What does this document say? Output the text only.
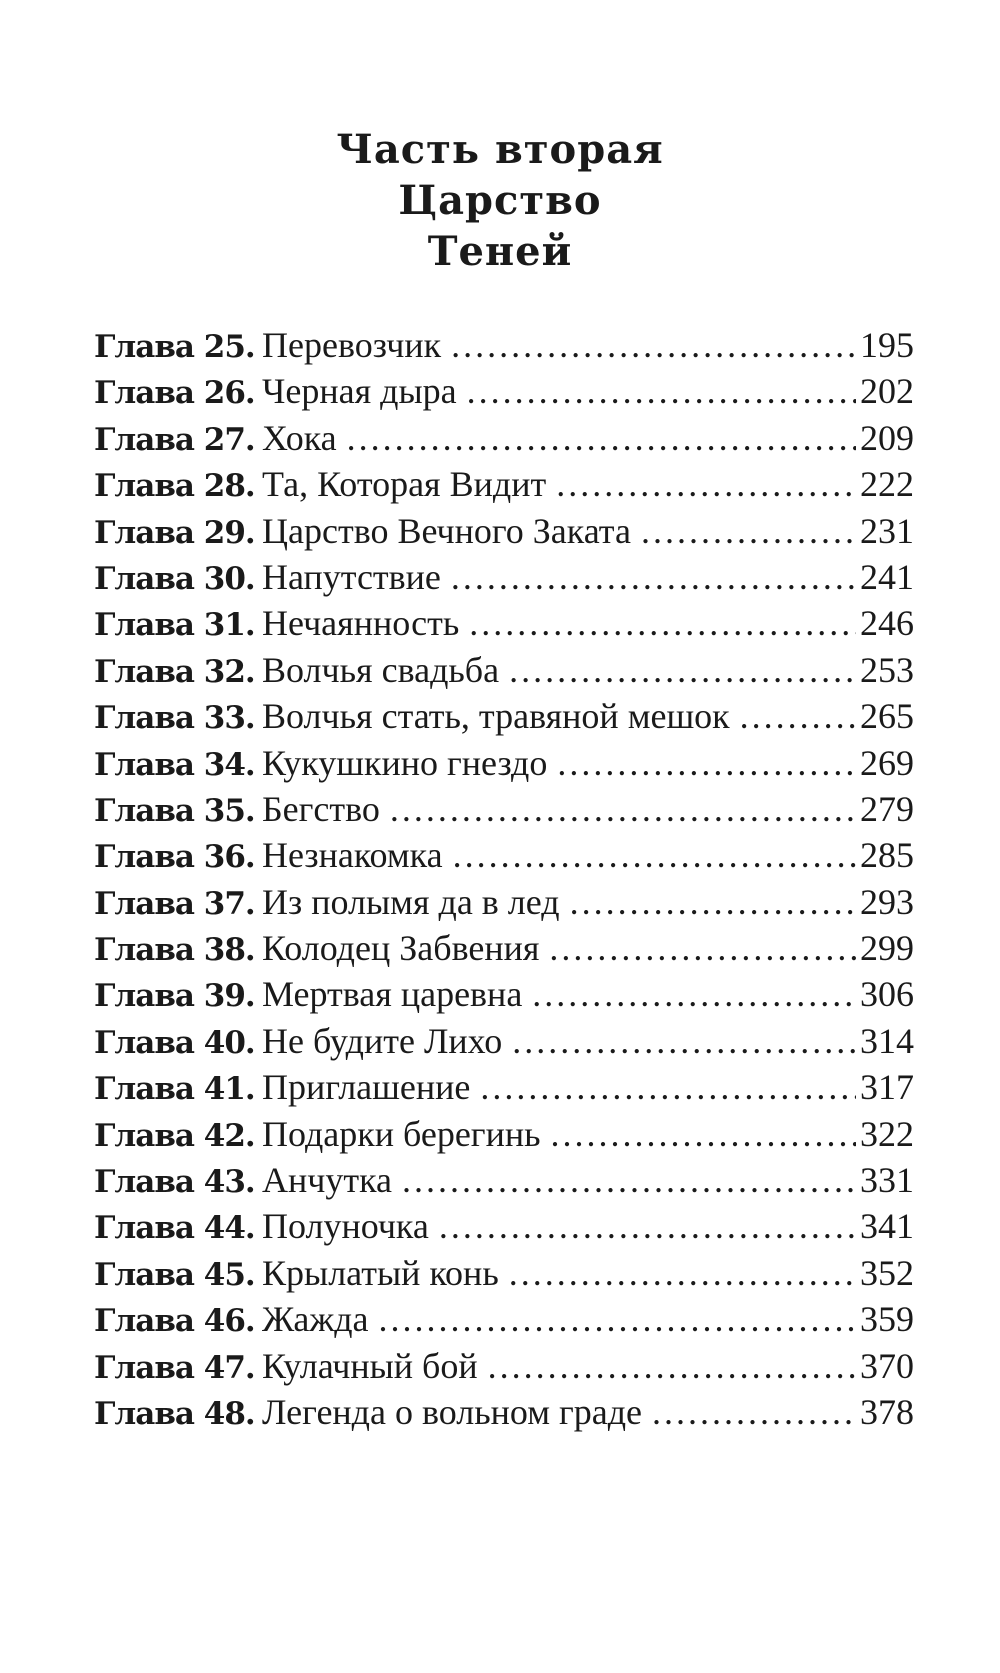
Часть вторая
Царство
Теней
Глава 25. Перевозчик .....	195
Глава 26. Черная дыра .....	202
Глава 27. Хока .....	209
Глава 28. Та, Которая Видит .....	222
Глава 29. Царство Вечного Заката .....	231
Глава 30. Напутствие .....	241
Глава 31. Нечаянность .....	246
Глава 32. Волчья свадьба .....	253
Глава 33. Волчья стать, травяной мешок .....	265
Глава 34. Кукушкино гнездо .....	269
Глава 35. Бегство .....	279
Глава 36. Незнакомка .....	285
Глава 37. Из полымя да в лед .....	293
Глава 38. Колодец Забвения .....	299
Глава 39. Мертвая царевна .....	306
Глава 40. Не будите Лихо .....	314
Глава 41. Приглашение .....	317
Глава 42. Подарки берегинь .....	322
Глава 43. Анчутка .....	331
Глава 44. Полуночка .....	341
Глава 45. Крылатый конь .....	352
Глава 46. Жажда .....	359
Глава 47. Кулачный бой .....	370
Глава 48. Легенда о вольном граде .....	378
